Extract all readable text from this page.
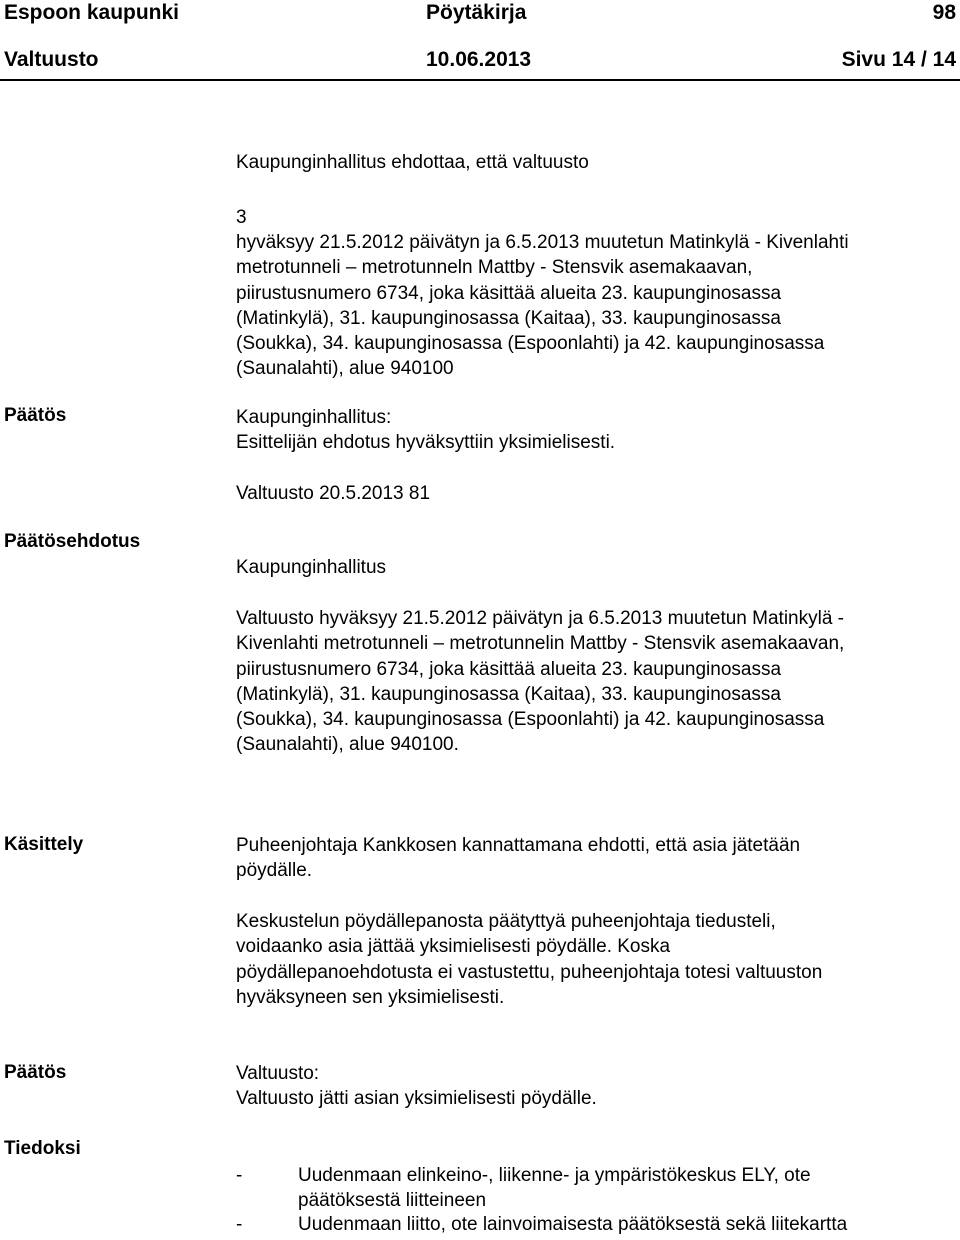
Espoon kaupunki	Pöytäkirja	98
Valtuusto	10.06.2013	Sivu 14 / 14
Kaupunginhallitus ehdottaa, että valtuusto
3
hyväksyy 21.5.2012 päivätyn ja 6.5.2013 muutetun Matinkylä - Kivenlahti
metrotunneli – metrotunneln Mattby - Stensvik asemakaavan,
piirustusnumero 6734, joka käsittää alueita 23. kaupunginosassa
(Matinkylä), 31. kaupunginosassa (Kaitaa), 33. kaupunginosassa
(Soukka), 34. kaupunginosassa (Espoonlahti) ja 42. kaupunginosassa
(Saunalahti), alue 940100
Päätös	Kaupunginhallitus:
Esittelijän ehdotus hyväksyttiin yksimielisesti.
Valtuusto 20.5.2013 81
Päätösehdotus
Kaupunginhallitus
Valtuusto hyväksyy 21.5.2012 päivätyn ja 6.5.2013 muutetun Matinkylä -
Kivenlahti metrotunneli – metrotunnelin Mattby - Stensvik asemakaavan,
piirustusnumero 6734, joka käsittää alueita 23. kaupunginosassa
(Matinkylä), 31. kaupunginosassa (Kaitaa), 33. kaupunginosassa
(Soukka), 34. kaupunginosassa (Espoonlahti) ja 42. kaupunginosassa
(Saunalahti), alue 940100.
Käsittely	Puheenjohtaja Kankkosen kannattamana ehdotti, että asia jätetään
pöydälle.
Keskustelun pöydällepanosta päätyttyä puheenjohtaja tiedusteli,
voidaanko asia jättää yksimielisesti pöydälle. Koska
pöydällepanoehdotusta ei vastustettu, puheenjohtaja totesi valtuuston
hyväksyneen sen yksimielisesti.
Päätös	Valtuusto:
Valtuusto jätti asian yksimielisesti pöydälle.
Tiedoksi
-	Uudenmaan elinkeino-, liikenne- ja ympäristökeskus ELY, ote
päätöksestä liitteineen
-	Uudenmaan liitto, ote lainvoimaisesta päätöksestä sekä liitekartta
